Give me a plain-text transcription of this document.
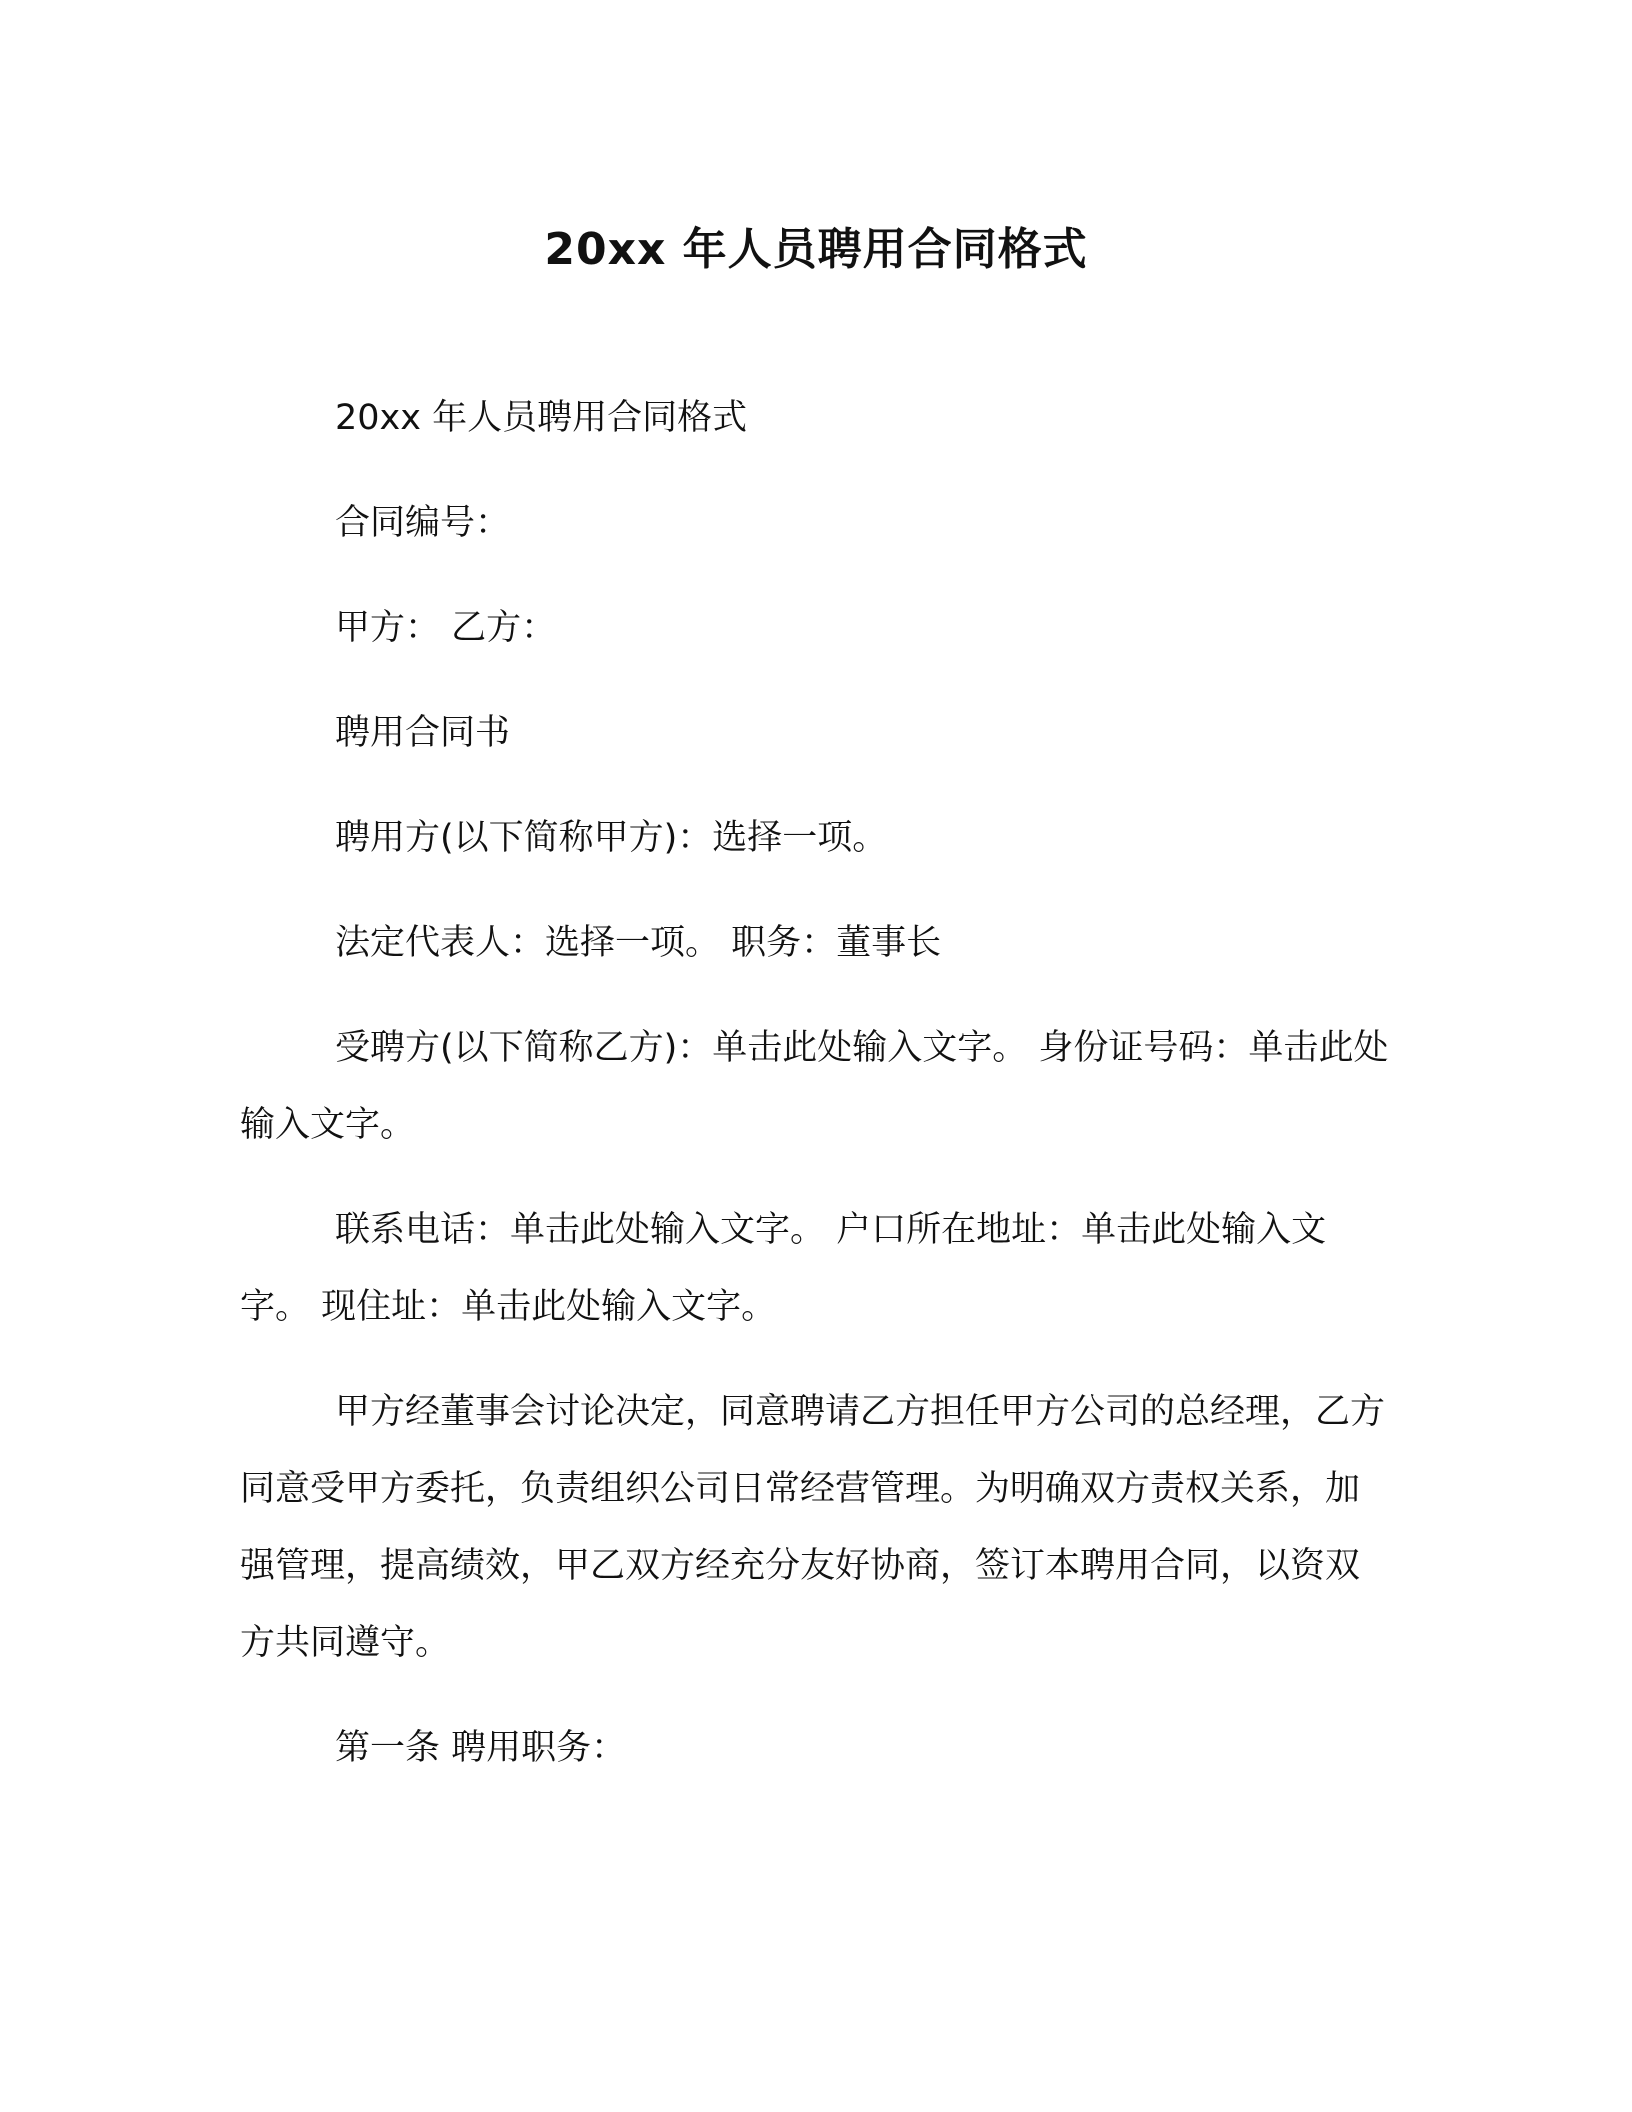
20xx 年人员聘用合同格式

20xx 年人员聘用合同格式

合同编号：

甲方： 乙方：

聘用合同书

聘用方(以下简称甲方)：选择一项。

法定代表人：选择一项。 职务：董事长

受聘方(以下简称乙方)：单击此处输入文字。 身份证号码：单击此处输入文字。

联系电话：单击此处输入文字。 户口所在地址：单击此处输入文字。 现住址：单击此处输入文字。

甲方经董事会讨论决定，同意聘请乙方担任甲方公司的总经理，乙方同意受甲方委托，负责组织公司日常经营管理。为明确双方责权关系，加强管理，提高绩效，甲乙双方经充分友好协商，签订本聘用合同，以资双方共同遵守。

第一条 聘用职务：
